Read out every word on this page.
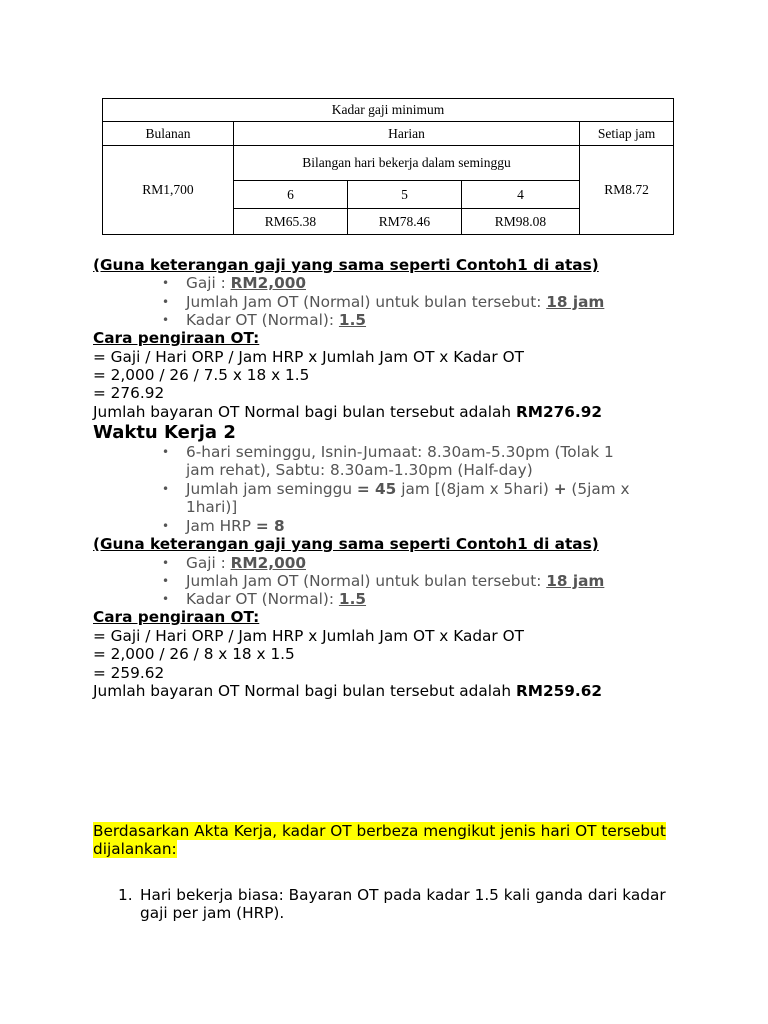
Kadar gaji minimum				
Bulanan	Harian			Setiap jam
RM1,700	Bilangan hari bekerja dalam seminggu			RM8.72
	6	5	4	
	RM65.38	RM78.46	RM98.08	
(Guna keterangan gaji yang sama seperti Contoh1 di atas)
• Gaji : RM2,000
• Jumlah Jam OT (Normal) untuk bulan tersebut: 18 jam
• Kadar OT (Normal): 1.5
Cara pengiraan OT:
= Gaji / Hari ORP / Jam HRP x Jumlah Jam OT x Kadar OT
= 2,000 / 26 / 7.5 x 18 x 1.5
= 276.92
Jumlah bayaran OT Normal bagi bulan tersebut adalah RM276.92
Waktu Kerja 2
• 6-hari seminggu, Isnin-Jumaat: 8.30am-5.30pm (Tolak 1
jam rehat), Sabtu: 8.30am-1.30pm (Half-day)
• Jumlah jam seminggu = 45 jam [(8jam x 5hari) + (5jam x
1hari)]
• Jam HRP = 8
(Guna keterangan gaji yang sama seperti Contoh1 di atas)
• Gaji : RM2,000
• Jumlah Jam OT (Normal) untuk bulan tersebut: 18 jam
• Kadar OT (Normal): 1.5
Cara pengiraan OT:
= Gaji / Hari ORP / Jam HRP x Jumlah Jam OT x Kadar OT
= 2,000 / 26 / 8 x 18 x 1.5
= 259.62
Jumlah bayaran OT Normal bagi bulan tersebut adalah RM259.62
Berdasarkan Akta Kerja, kadar OT berbeza mengikut jenis hari OT tersebut
dijalankan:
1. Hari bekerja biasa: Bayaran OT pada kadar 1.5 kali ganda dari kadar gaji per jam (HRP).
